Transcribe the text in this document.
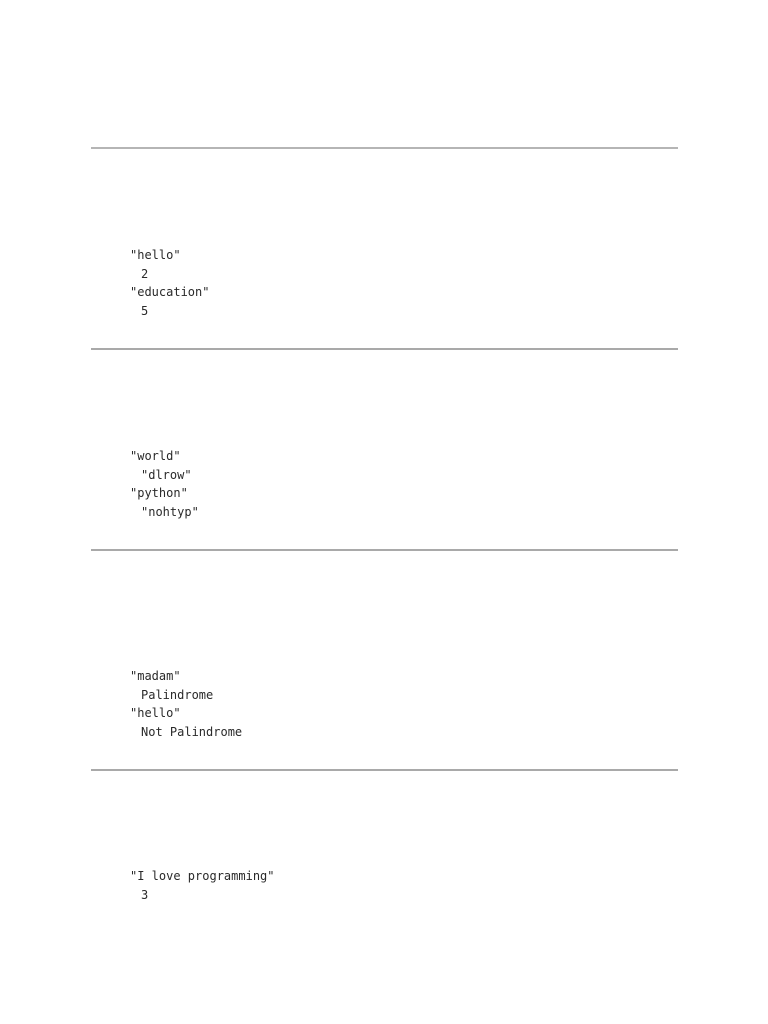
"hello"
2
"education"
5
"world"
"dlrow"
"python"
"nohtyp"
"madam"
Palindrome
"hello"
Not Palindrome
"I love programming"
3
